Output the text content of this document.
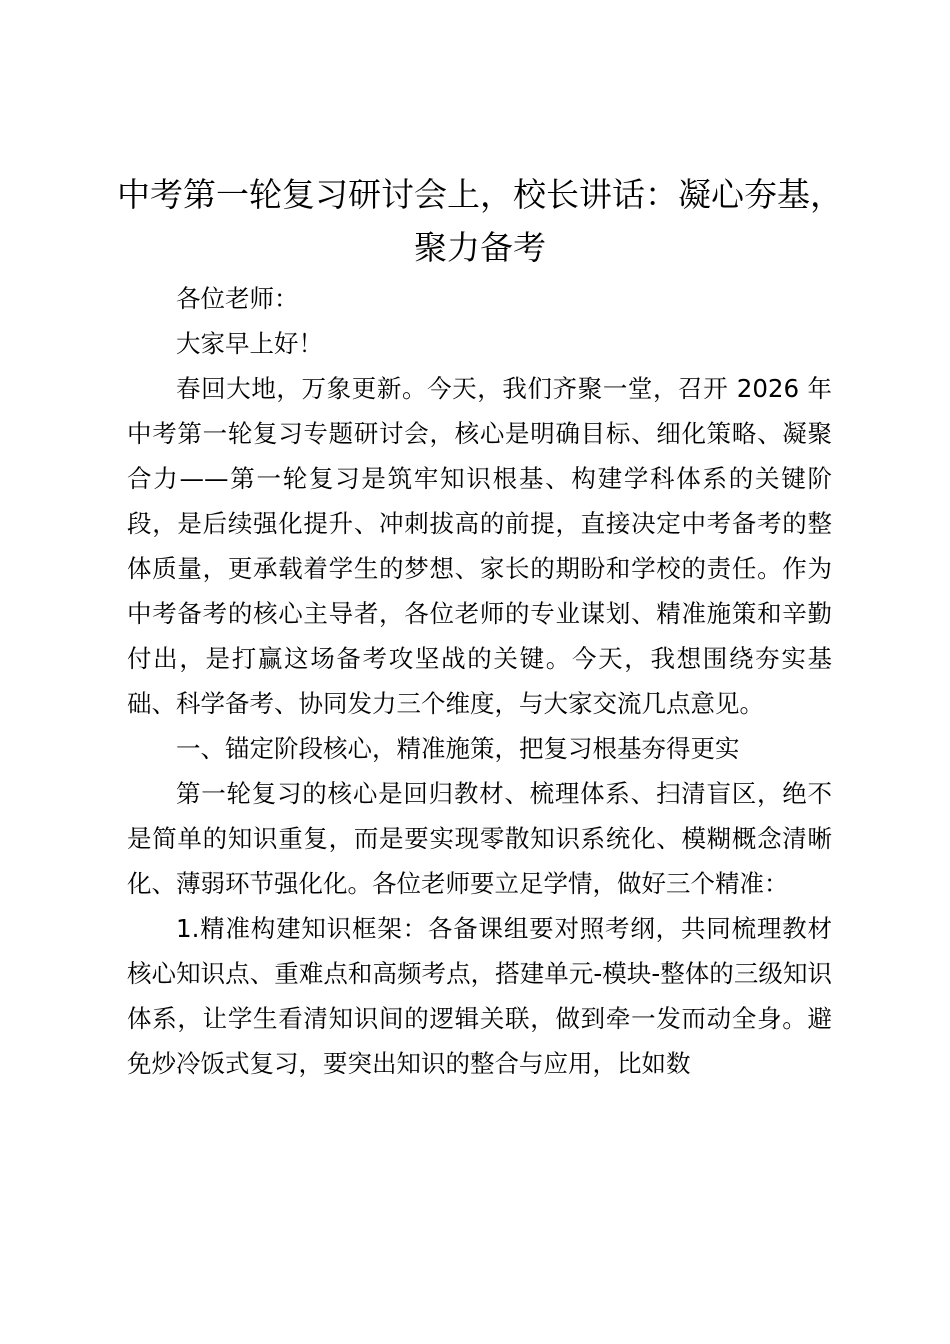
中考第一轮复习研讨会上，校长讲话：凝心夯基，聚力备考

各位老师：

大家早上好！

春回大地，万象更新。今天，我们齐聚一堂，召开 2026 年中考第一轮复习专题研讨会，核心是明确目标、细化策略、凝聚合力——第一轮复习是筑牢知识根基、构建学科体系的关键阶段，是后续强化提升、冲刺拔高的前提，直接决定中考备考的整体质量，更承载着学生的梦想、家长的期盼和学校的责任。作为中考备考的核心主导者，各位老师的专业谋划、精准施策和辛勤付出，是打赢这场备考攻坚战的关键。今天，我想围绕夯实基础、科学备考、协同发力三个维度，与大家交流几点意见。

一、锚定阶段核心，精准施策，把复习根基夯得更实

第一轮复习的核心是回归教材、梳理体系、扫清盲区，绝不是简单的知识重复，而是要实现零散知识系统化、模糊概念清晰化、薄弱环节强化化。各位老师要立足学情，做好三个精准：

1.精准构建知识框架：各备课组要对照考纲，共同梳理教材核心知识点、重难点和高频考点，搭建单元-模块-整体的三级知识体系，让学生看清知识间的逻辑关联，做到牵一发而动全身。避免炒冷饭式复习，要突出知识的整合与应用，比如数
